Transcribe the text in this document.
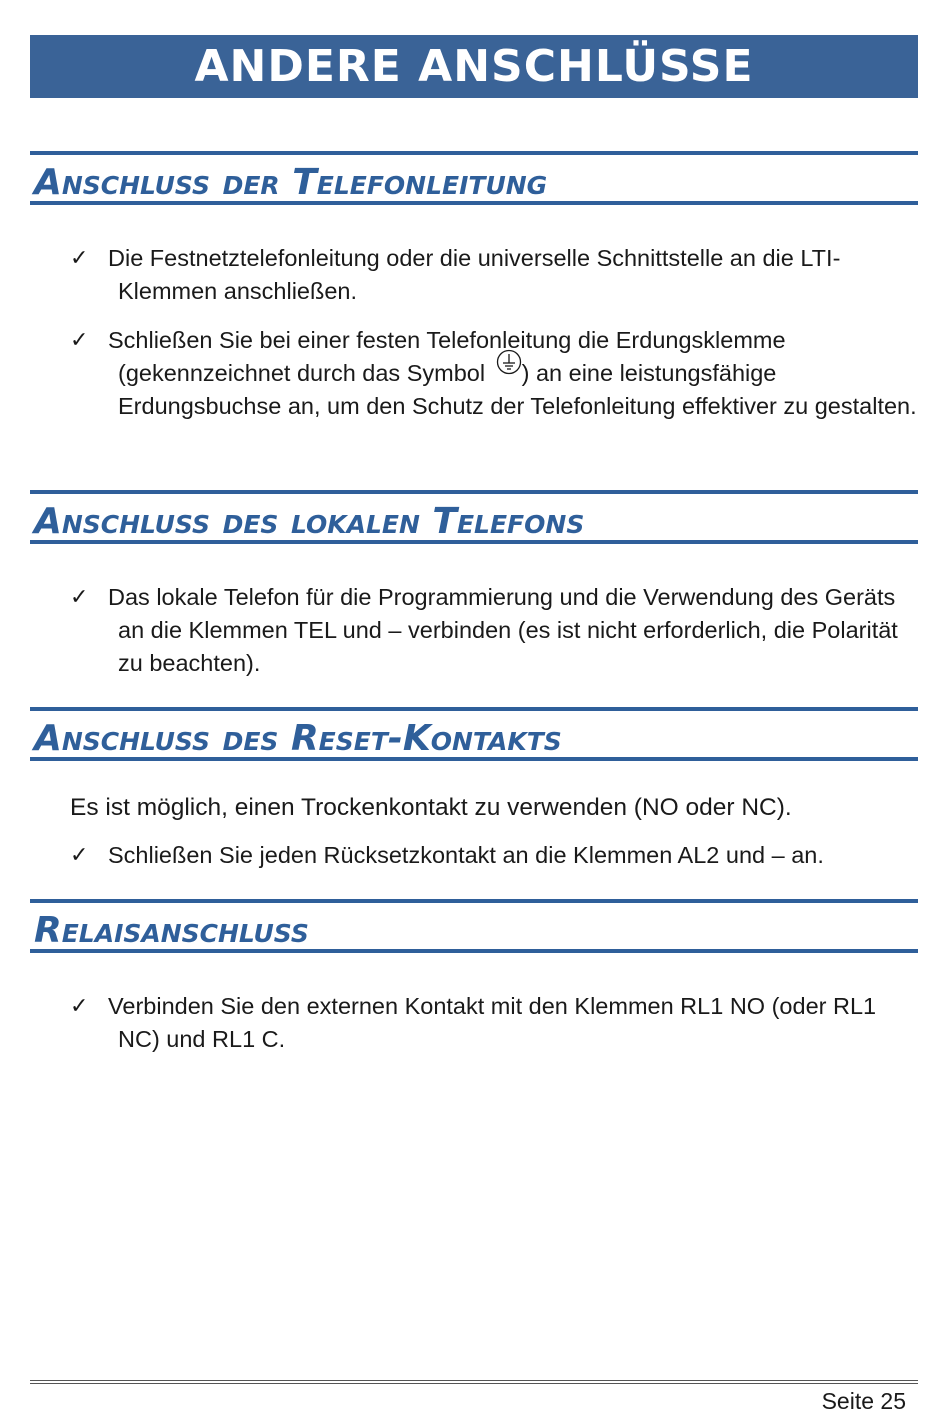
ANDERE ANSCHLÜSSE
Anschluss der Telefonleitung
✓ Die Festnetztelefonleitung oder die universelle Schnittstelle an die LTI-Klemmen anschließen.
✓ Schließen Sie bei einer festen Telefonleitung die Erdungsklemme (gekennzeichnet durch das Symbol ) an eine leistungsfähige Erdungsbuchse an, um den Schutz der Telefonleitung effektiver zu gestalten.
Anschluss des lokalen Telefons
✓ Das lokale Telefon für die Programmierung und die Verwendung des Geräts an die Klemmen TEL und – verbinden (es ist nicht erforderlich, die Polarität zu beachten).
Anschluss des Reset-Kontakts
Es ist möglich, einen Trockenkontakt zu verwenden (NO oder NC).
✓ Schließen Sie jeden Rücksetzkontakt an die Klemmen AL2 und – an.
Relaisanschluss
✓ Verbinden Sie den externen Kontakt mit den Klemmen RL1 NO (oder RL1 NC) und RL1 C.
Seite 25
